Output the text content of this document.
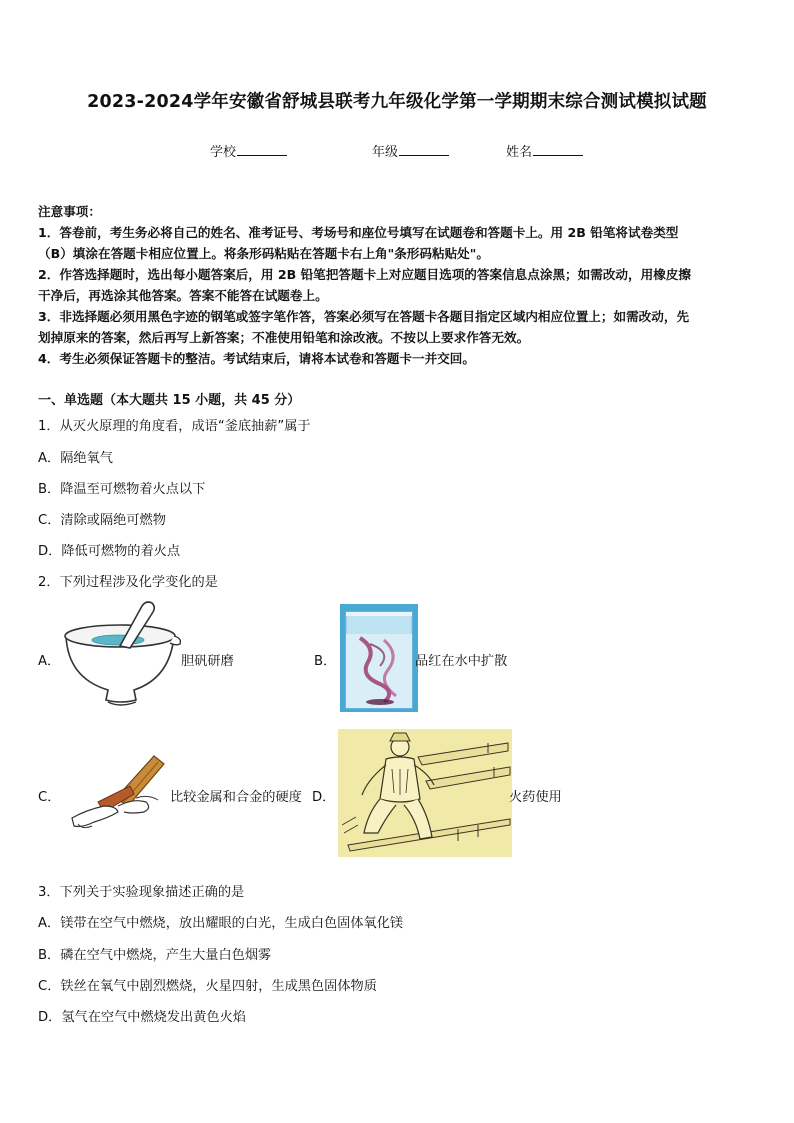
2023-2024学年安徽省舒城县联考九年级化学第一学期期末综合测试模拟试题
学校	年级	姓名
注意事项：
1．答卷前，考生务必将自己的姓名、准考证号、考场号和座位号填写在试题卷和答题卡上。用 2B 铅笔将试卷类型
（B）填涂在答题卡相应位置上。将条形码粘贴在答题卡右上角"条形码粘贴处"。
2．作答选择题时，选出每小题答案后，用 2B 铅笔把答题卡上对应题目选项的答案信息点涂黑；如需改动，用橡皮擦
干净后，再选涂其他答案。答案不能答在试题卷上。
3．非选择题必须用黑色字迹的钢笔或签字笔作答，答案必须写在答题卡各题目指定区域内相应位置上；如需改动，先
划掉原来的答案，然后再写上新答案；不准使用铅笔和涂改液。不按以上要求作答无效。
4．考生必须保证答题卡的整洁。考试结束后，请将本试卷和答题卡一并交回。
一、单选题（本大题共 15 小题，共 45 分）
1．从灭火原理的角度看，成语“釜底抽薪”属于
A．隔绝氧气
B．降温至可燃物着火点以下
C．清除或隔绝可燃物
D．降低可燃物的着火点
2．下列过程涉及化学变化的是
A．	胆矾研磨	B．	品红在水中扩散
C．	比较金属和合金的硬度 D．	火药使用
3．下列关于实验现象描述正确的是
A．镁带在空气中燃烧，放出耀眼的白光，生成白色固体氧化镁
B．磷在空气中燃烧，产生大量白色烟雾
C．铁丝在氧气中剧烈燃烧，火星四射，生成黑色固体物质
D．氢气在空气中燃烧发出黄色火焰
